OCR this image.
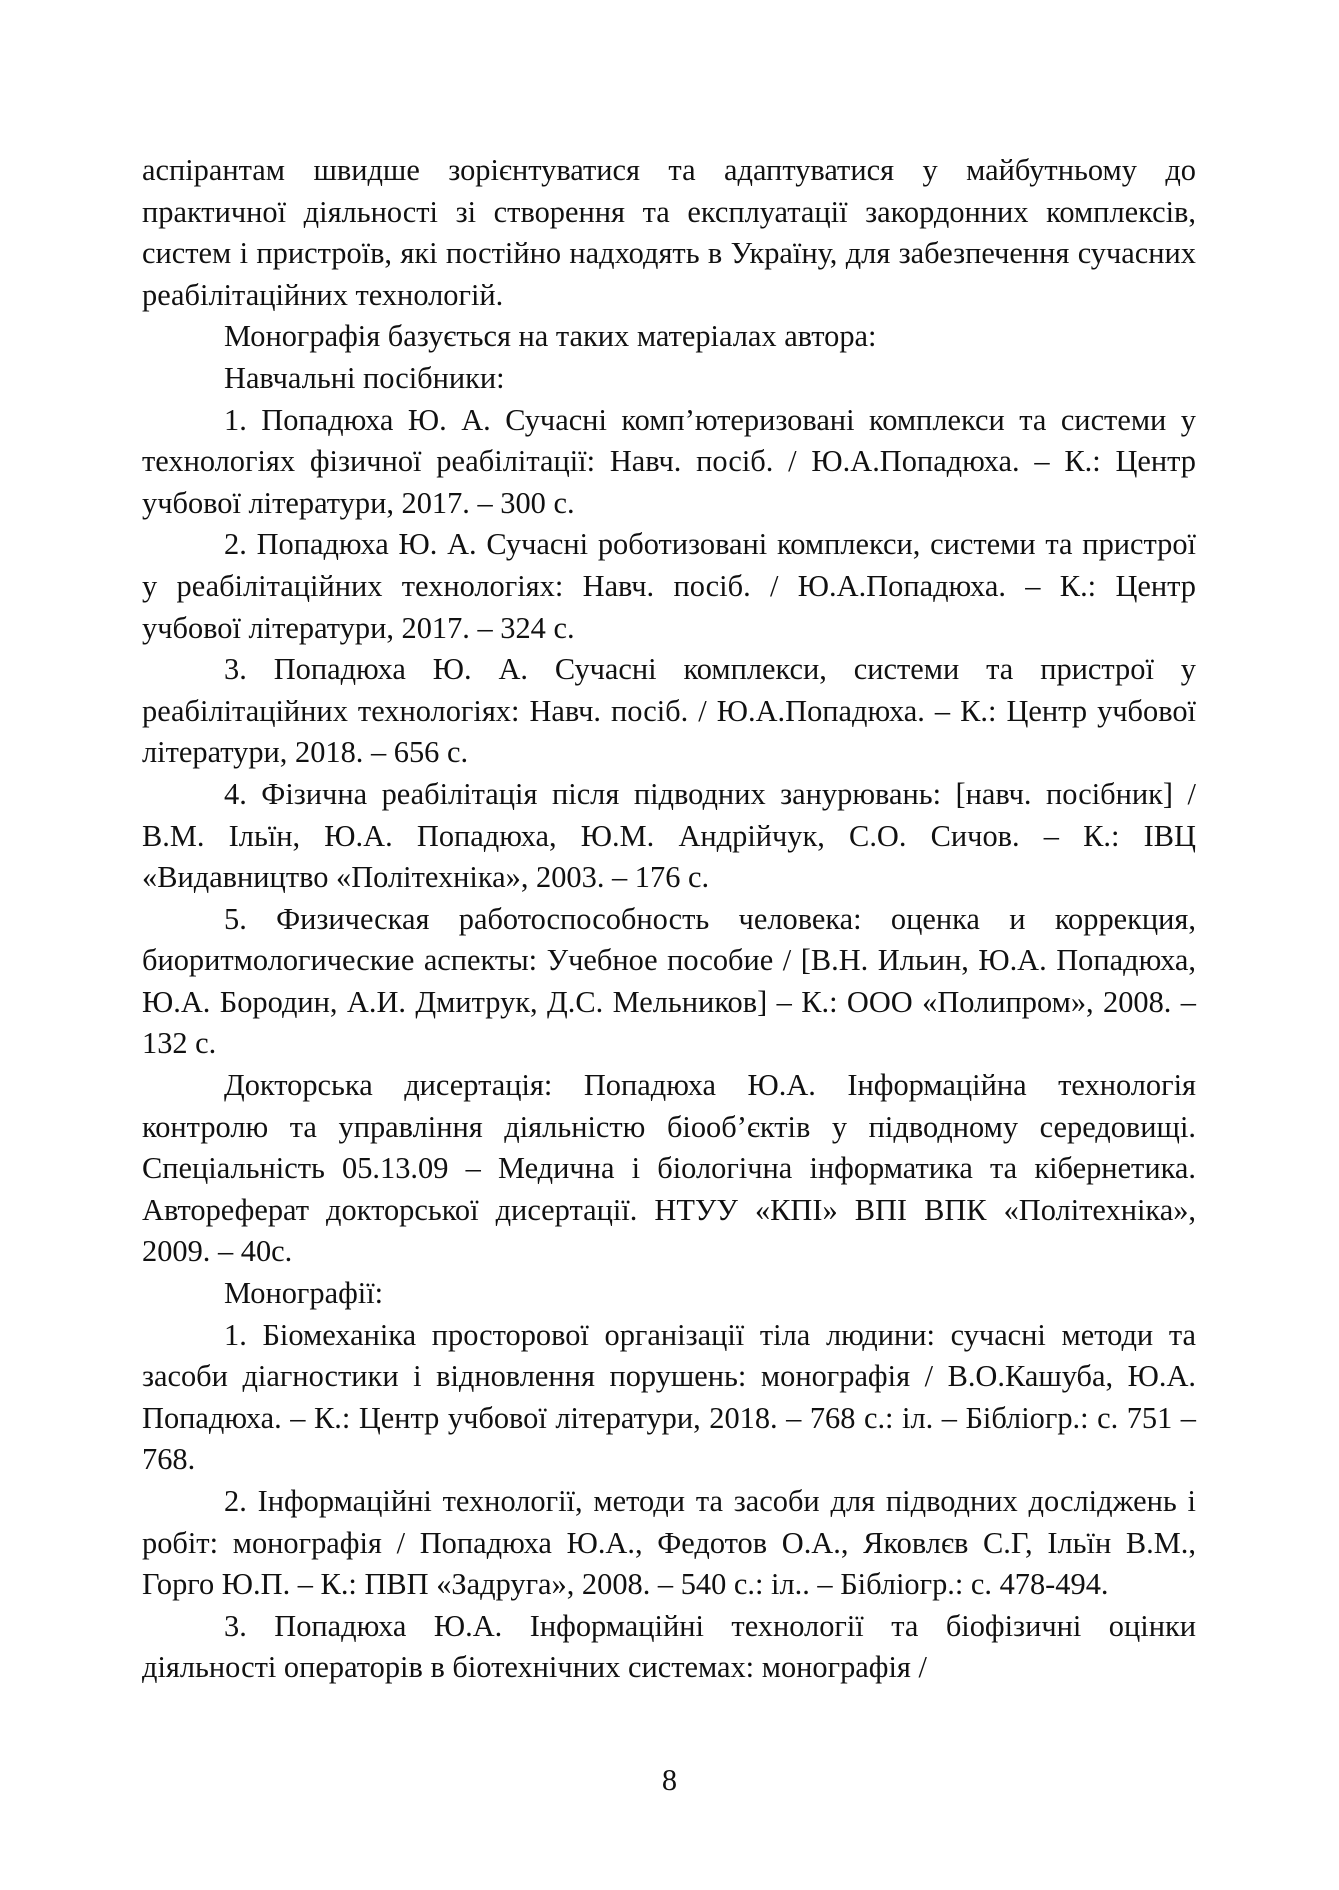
аспірантам швидше зорієнтуватися та адаптуватися у майбутньому до практичної діяльності зі створення та експлуатації закордонних комплексів, систем і пристроїв, які постійно надходять в Україну, для забезпечення сучасних реабілітаційних технологій.

Монографія базується на таких матеріалах автора:

Навчальні посібники:

1. Попадюха Ю. А. Сучасні комп’ютеризовані комплекси та системи у технологіях фізичної реабілітації: Навч. посіб. / Ю.А.Попадюха. – К.: Центр учбової літератури, 2017. – 300 с.

2. Попадюха Ю. А. Сучасні роботизовані комплекси, системи та пристрої у реабілітаційних технологіях: Навч. посіб. / Ю.А.Попадюха. – К.: Центр учбової літератури, 2017. – 324 с.

3. Попадюха Ю. А. Сучасні комплекси, системи та пристрої у реабілітаційних технологіях: Навч. посіб. / Ю.А.Попадюха. – К.: Центр учбової літератури, 2018. – 656 с.

4. Фізична реабілітація після підводних занурювань: [навч. посібник] / В.М. Ільїн, Ю.А. Попадюха, Ю.М. Андрійчук, С.О. Сичов. – К.: ІВЦ «Видавництво «Політехніка», 2003. – 176 с.

5. Физическая работоспособность человека: оценка и коррекция, биоритмологические аспекты: Учебное пособие / [В.Н. Ильин, Ю.А. Попадюха, Ю.А. Бородин, А.И. Дмитрук, Д.С. Мельников] – К.: ООО «Полипром», 2008. – 132 с.

Докторська дисертація: Попадюха Ю.А. Інформаційна технологія контролю та управління діяльністю біооб’єктів у підводному середовищі. Спеціальність 05.13.09 – Медична і біологічна інформатика та кібернетика. Автореферат докторської дисертації. НТУУ «КПІ» ВПІ ВПК «Політехніка», 2009. – 40с.

Монографії:

1. Біомеханіка просторової організації тіла людини: сучасні методи та засоби діагностики і відновлення порушень: монографія / В.О.Кашуба, Ю.А. Попадюха. – К.: Центр учбової літератури, 2018. – 768 с.: іл. – Бібліогр.: с. 751 – 768.

2. Інформаційні технології, методи та засоби для підводних досліджень і робіт: монографія / Попадюха Ю.А., Федотов О.А., Яковлєв С.Г, Ільїн В.М., Горго Ю.П. – К.: ПВП «Задруга», 2008. – 540 с.: іл.. – Бібліогр.: с. 478-494.

3. Попадюха Ю.А. Інформаційні технології та біофізичні оцінки діяльності операторів в біотехнічних системах: монографія /

8
